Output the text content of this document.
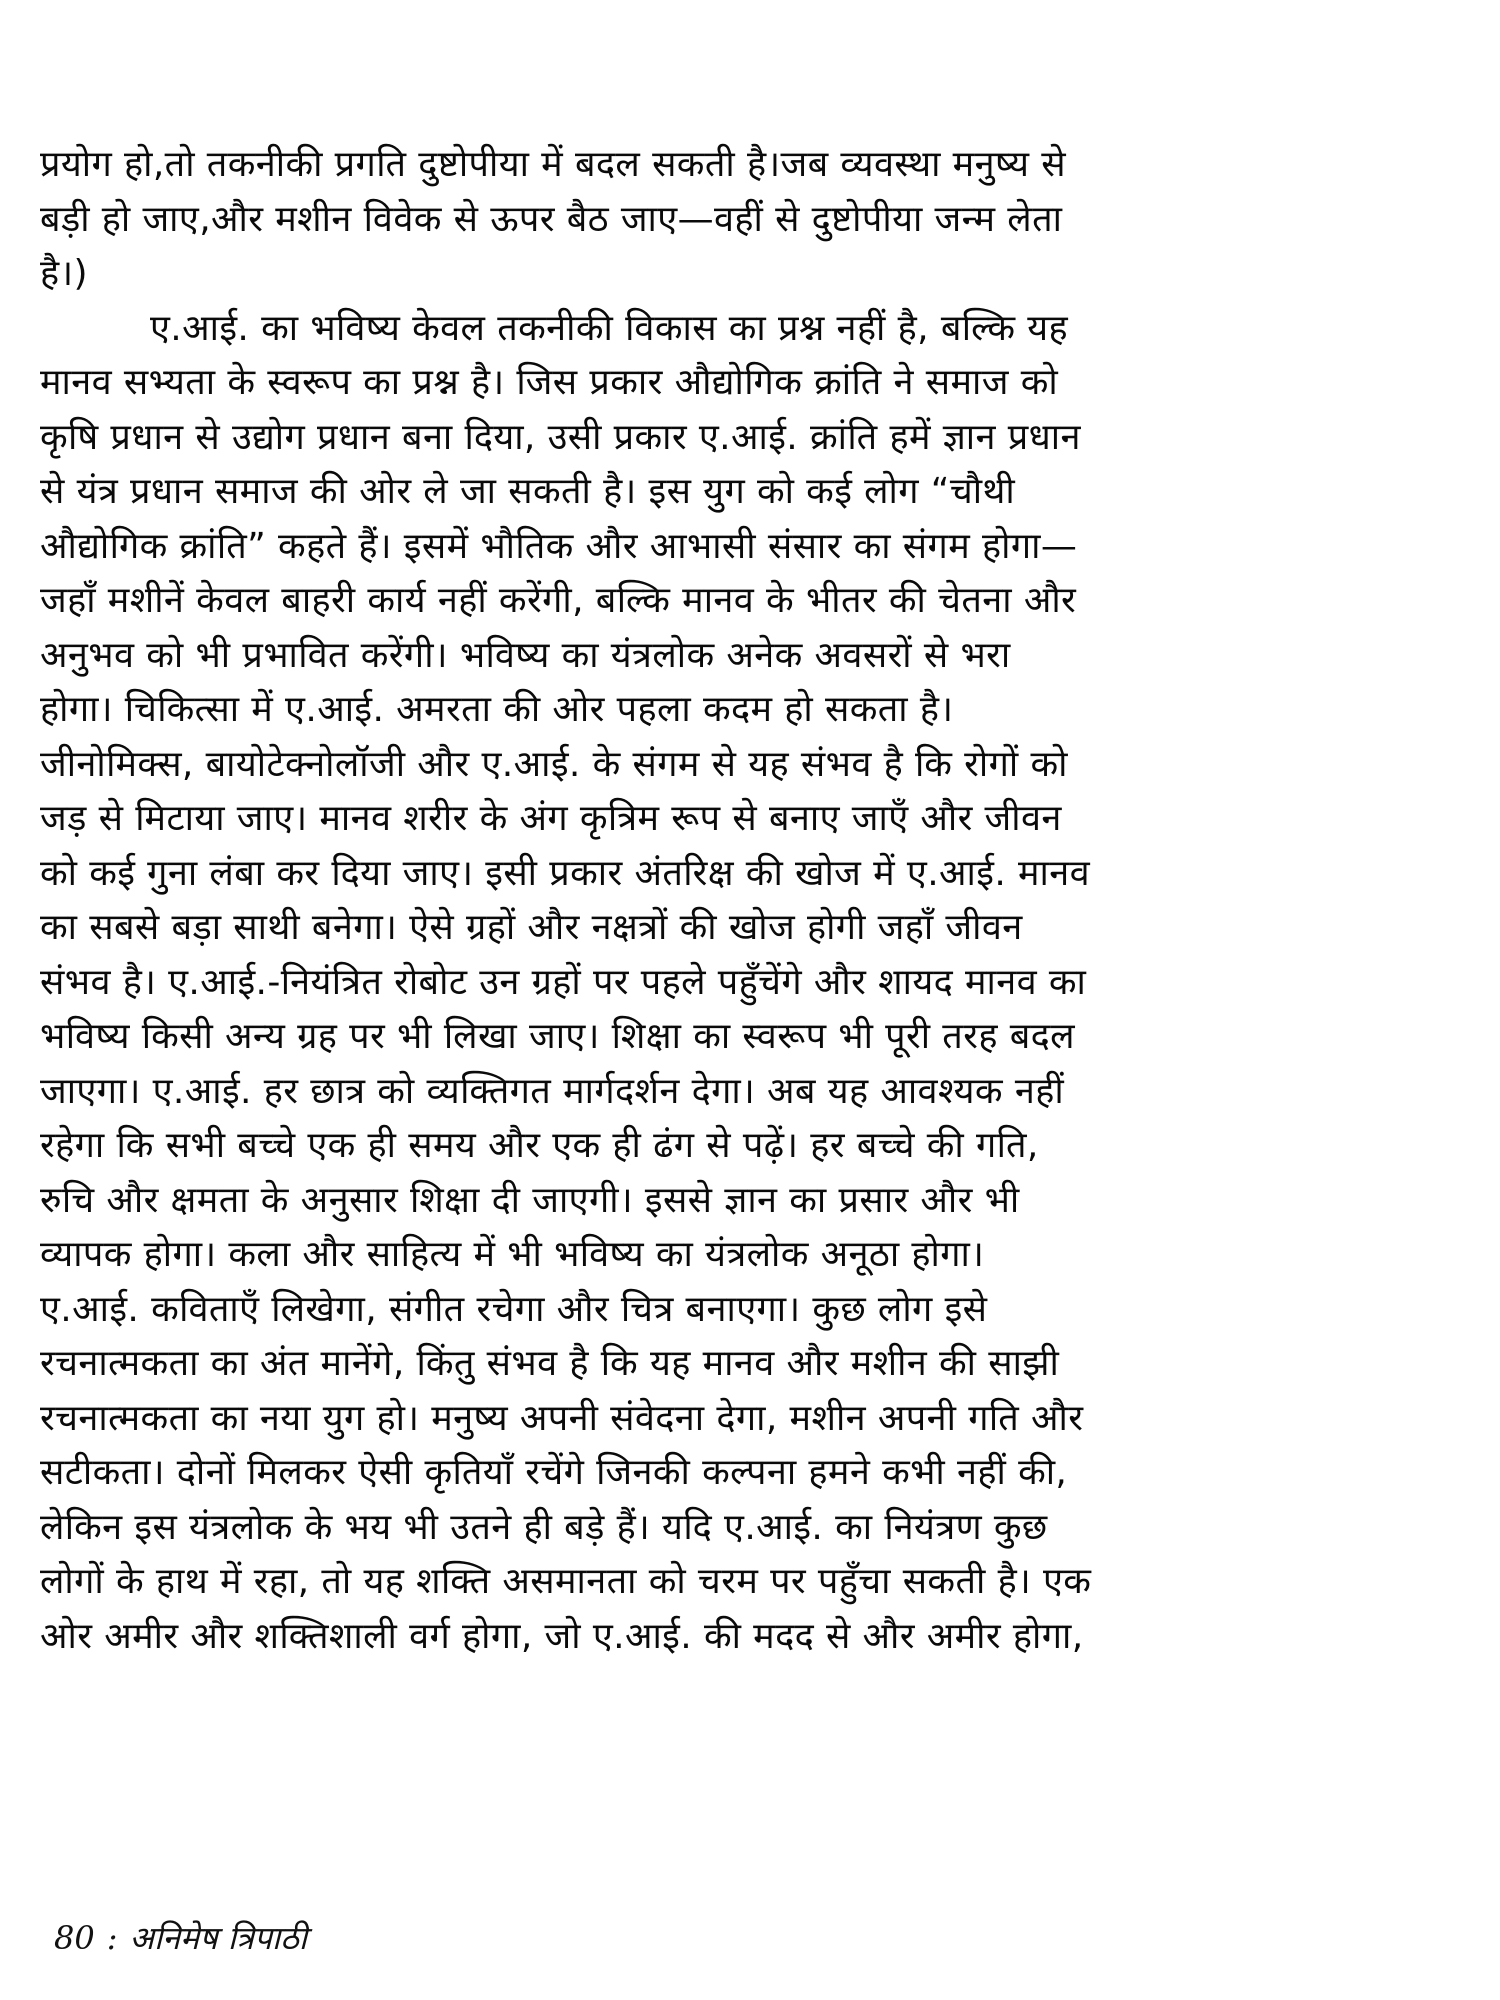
प्रयोग हो,तो तकनीकी प्रगति दुष्टोपीया में बदल सकती है।जब व्यवस्था मनुष्य से
बड़ी हो जाए,और मशीन विवेक से ऊपर बैठ जाए—वहीं से दुष्टोपीया जन्म लेता
है।)
ए.आई. का भविष्य केवल तकनीकी विकास का प्रश्न नहीं है, बल्कि यह
मानव सभ्यता के स्वरूप का प्रश्न है। जिस प्रकार औद्योगिक क्रांति ने समाज को
कृषि प्रधान से उद्योग प्रधान बना दिया, उसी प्रकार ए.आई. क्रांति हमें ज्ञान प्रधान
से यंत्र प्रधान समाज की ओर ले जा सकती है। इस युग को कई लोग “चौथी
औद्योगिक क्रांति” कहते हैं। इसमें भौतिक और आभासी संसार का संगम होगा—
जहाँ मशीनें केवल बाहरी कार्य नहीं करेंगी, बल्कि मानव के भीतर की चेतना और
अनुभव को भी प्रभावित करेंगी। भविष्य का यंत्रलोक अनेक अवसरों से भरा
होगा। चिकित्सा में ए.आई. अमरता की ओर पहला कदम हो सकता है।
जीनोमिक्स, बायोटेक्नोलॉजी और ए.आई. के संगम से यह संभव है कि रोगों को
जड़ से मिटाया जाए। मानव शरीर के अंग कृत्रिम रूप से बनाए जाएँ और जीवन
को कई गुना लंबा कर दिया जाए। इसी प्रकार अंतरिक्ष की खोज में ए.आई. मानव
का सबसे बड़ा साथी बनेगा। ऐसे ग्रहों और नक्षत्रों की खोज होगी जहाँ जीवन
संभव है। ए.आई.-नियंत्रित रोबोट उन ग्रहों पर पहले पहुँचेंगे और शायद मानव का
भविष्य किसी अन्य ग्रह पर भी लिखा जाए। शिक्षा का स्वरूप भी पूरी तरह बदल
जाएगा। ए.आई. हर छात्र को व्यक्तिगत मार्गदर्शन देगा। अब यह आवश्यक नहीं
रहेगा कि सभी बच्चे एक ही समय और एक ही ढंग से पढ़ें। हर बच्चे की गति,
रुचि और क्षमता के अनुसार शिक्षा दी जाएगी। इससे ज्ञान का प्रसार और भी
व्यापक होगा। कला और साहित्य में भी भविष्य का यंत्रलोक अनूठा होगा।
ए.आई. कविताएँ लिखेगा, संगीत रचेगा और चित्र बनाएगा। कुछ लोग इसे
रचनात्मकता का अंत मानेंगे, किंतु संभव है कि यह मानव और मशीन की साझी
रचनात्मकता का नया युग हो। मनुष्य अपनी संवेदना देगा, मशीन अपनी गति और
सटीकता। दोनों मिलकर ऐसी कृतियाँ रचेंगे जिनकी कल्पना हमने कभी नहीं की,
लेकिन इस यंत्रलोक के भय भी उतने ही बड़े हैं। यदि ए.आई. का नियंत्रण कुछ
लोगों के हाथ में रहा, तो यह शक्ति असमानता को चरम पर पहुँचा सकती है। एक
ओर अमीर और शक्तिशाली वर्ग होगा, जो ए.आई. की मदद से और अमीर होगा,
80 : अनिमेष त्रिपाठी
